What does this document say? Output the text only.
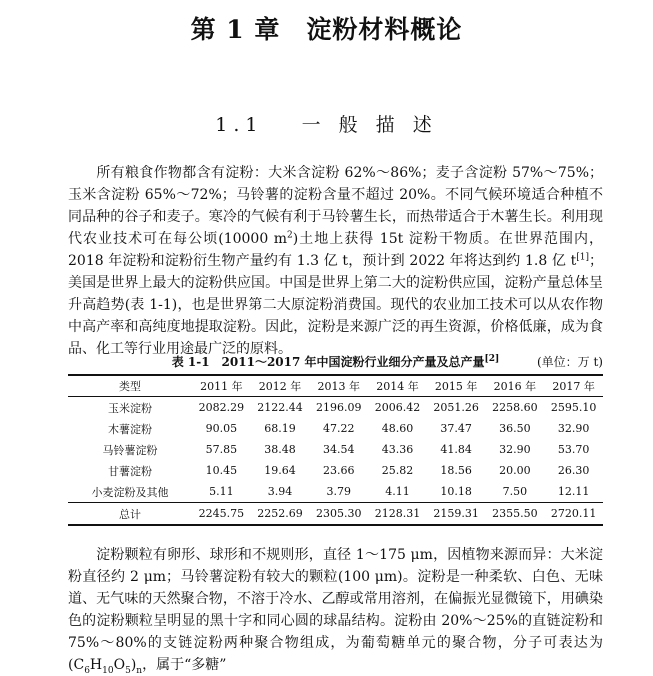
第 1 章　淀粉材料概论
1.1 一 般 描 述

所有粮食作物都含有淀粉：大米含淀粉 62%～86%；麦子含淀粉 57%～75%；玉米含淀粉 65%～72%；马铃薯的淀粉含量不超过 20%。不同气候环境适合种植不同品种的谷子和麦子。寒冷的气候有利于马铃薯生长，而热带适合于木薯生长。利用现代农业技术可在每公顷(10000 $m^2$)土地上获得 15t 淀粉干物质。在世界范围内，2018 年淀粉和淀粉衍生物产量约有 1.3 亿 t，预计到 2022 年将达到约 1.8 亿 t[1]；美国是世界上最大的淀粉供应国。中国是世界上第二大的淀粉供应国，淀粉产量总体呈升高趋势(表 1-1)，也是世界第二大原淀粉消费国。现代的农业加工技术可以从农作物中高产率和高纯度地提取淀粉。因此，淀粉是来源广泛的再生资源，价格低廉，成为食品、化工等行业用途最广泛的原料。

表 1-1 2011～2017 年中国淀粉行业细分产量及总产量[2]	(单位：万 t)
类型	2011 年	2012 年	2013 年	2014 年	2015 年	2016 年	2017 年
玉米淀粉	2082.29	2122.44	2196.09	2006.42	2051.26	2258.60	2595.10
木薯淀粉	90.05	68.19	47.22	48.60	37.47	36.50	32.90
马铃薯淀粉	57.85	38.48	34.54	43.36	41.84	32.90	53.70
甘薯淀粉	10.45	19.64	23.66	25.82	18.56	20.00	26.30
小麦淀粉及其他	5.11	3.94	3.79	4.11	10.18	7.50	12.11
总计	2245.75	2252.69	2305.30	2128.31	2159.31	2355.50	2720.11

淀粉颗粒有卵形、球形和不规则形，直径 1～175 μm，因植物来源而异：大米淀粉直径约 2 μm；马铃薯淀粉有较大的颗粒(100 μm)。淀粉是一种柔软、白色、无味道、无气味的天然聚合物，不溶于冷水、乙醇或常用溶剂，在偏振光显微镜下，用碘染色的淀粉颗粒呈明显的黑十字和同心圆的球晶结构。淀粉由 20%～25%的直链淀粉和 75%～80%的支链淀粉两种聚合物组成，为葡萄糖单元的聚合物，分子可表达为$(C_6H_{10}O_5)_n$，属于“多糖”
